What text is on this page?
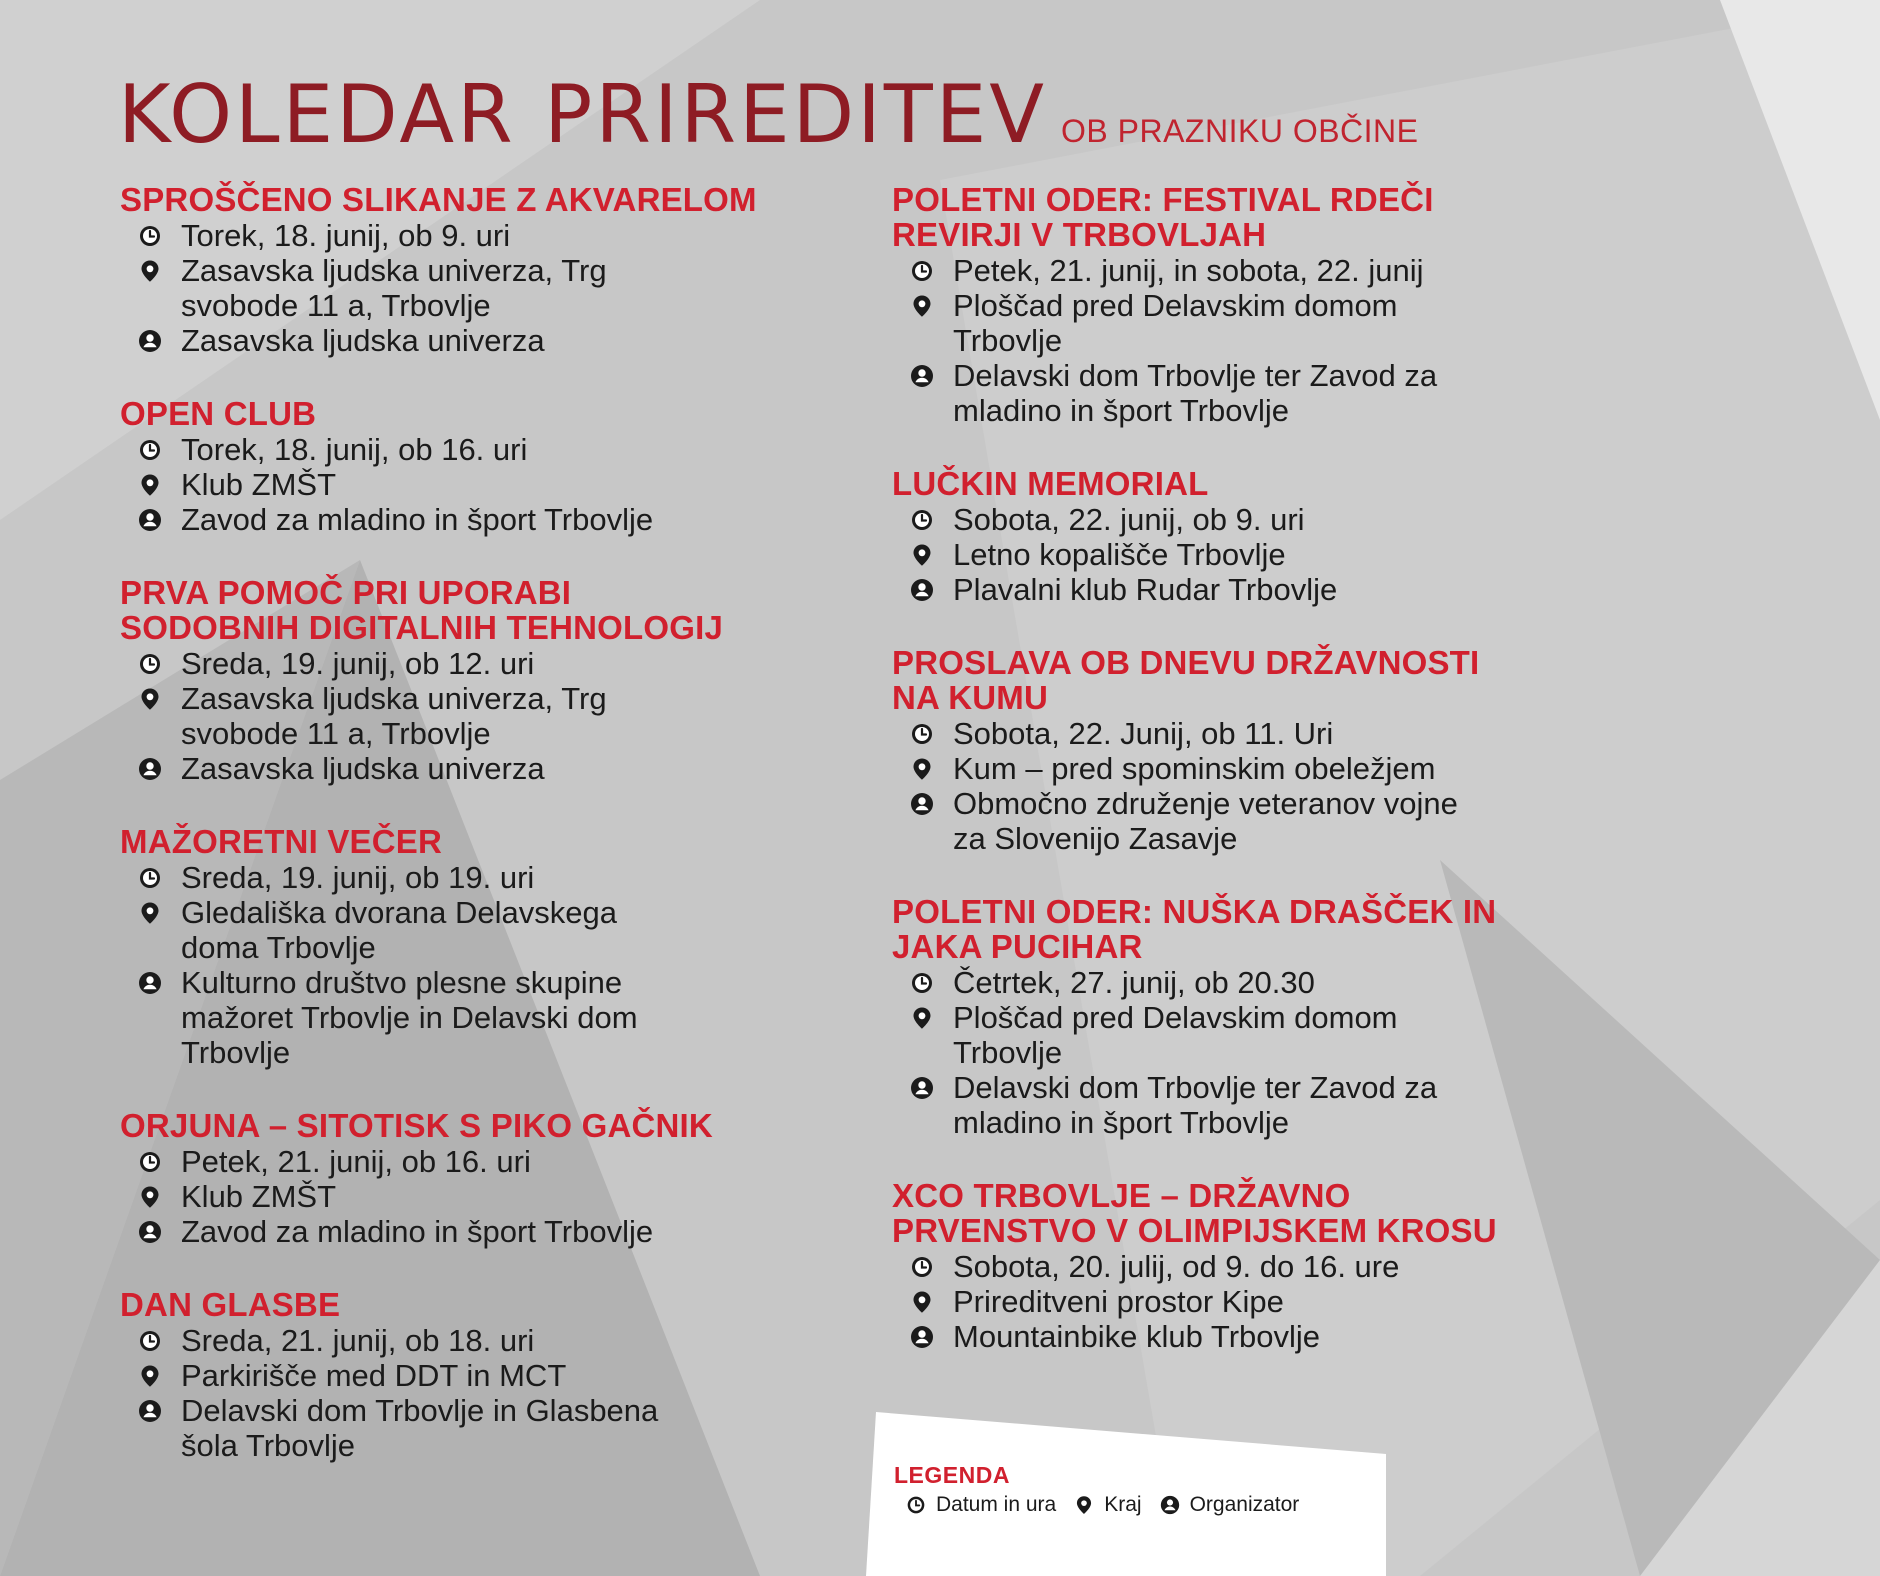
KOLEDAR PRIREDITEV OB PRAZNIKU OBČINE
SPROŠČENO SLIKANJE Z AKVARELOM
Torek, 18. junij, ob 9. uri
Zasavska ljudska univerza, Trg
svobode 11 a, Trbovlje
Zasavska ljudska univerza
OPEN CLUB
Torek, 18. junij, ob 16. uri
Klub ZMŠT
Zavod za mladino in šport Trbovlje
PRVA POMOČ PRI UPORABI
SODOBNIH DIGITALNIH TEHNOLOGIJ
Sreda, 19. junij, ob 12. uri
Zasavska ljudska univerza, Trg
svobode 11 a, Trbovlje
Zasavska ljudska univerza
MAŽORETNI VEČER
Sreda, 19. junij, ob 19. uri
Gledališka dvorana Delavskega
doma Trbovlje
Kulturno društvo plesne skupine
mažoret Trbovlje in Delavski dom
Trbovlje
ORJUNA – SITOTISK S PIKO GAČNIK
Petek, 21. junij, ob 16. uri
Klub ZMŠT
Zavod za mladino in šport Trbovlje
DAN GLASBE
Sreda, 21. junij, ob 18. uri
Parkirišče med DDT in MCT
Delavski dom Trbovlje in Glasbena
šola Trbovlje
POLETNI ODER: FESTIVAL RDEČI
REVIRJI V TRBOVLJAH
Petek, 21. junij, in sobota, 22. junij
Ploščad pred Delavskim domom
Trbovlje
Delavski dom Trbovlje ter Zavod za
mladino in šport Trbovlje
LUČKIN MEMORIAL
Sobota, 22. junij, ob 9. uri
Letno kopališče Trbovlje
Plavalni klub Rudar Trbovlje
PROSLAVA OB DNEVU DRŽAVNOSTI
NA KUMU
Sobota, 22. Junij, ob 11. Uri
Kum – pred spominskim obeležjem
Območno združenje veteranov vojne
za Slovenijo Zasavje
POLETNI ODER: NUŠKA DRAŠČEK IN
JAKA PUCIHAR
Četrtek, 27. junij, ob 20.30
Ploščad pred Delavskim domom
Trbovlje
Delavski dom Trbovlje ter Zavod za
mladino in šport Trbovlje
XCO TRBOVLJE – DRŽAVNO
PRVENSTVO V OLIMPIJSKEM KROSU
Sobota, 20. julij, od 9. do 16. ure
Prireditveni prostor Kipe
Mountainbike klub Trbovlje
LEGENDA
Datum in ura Kraj Organizator
